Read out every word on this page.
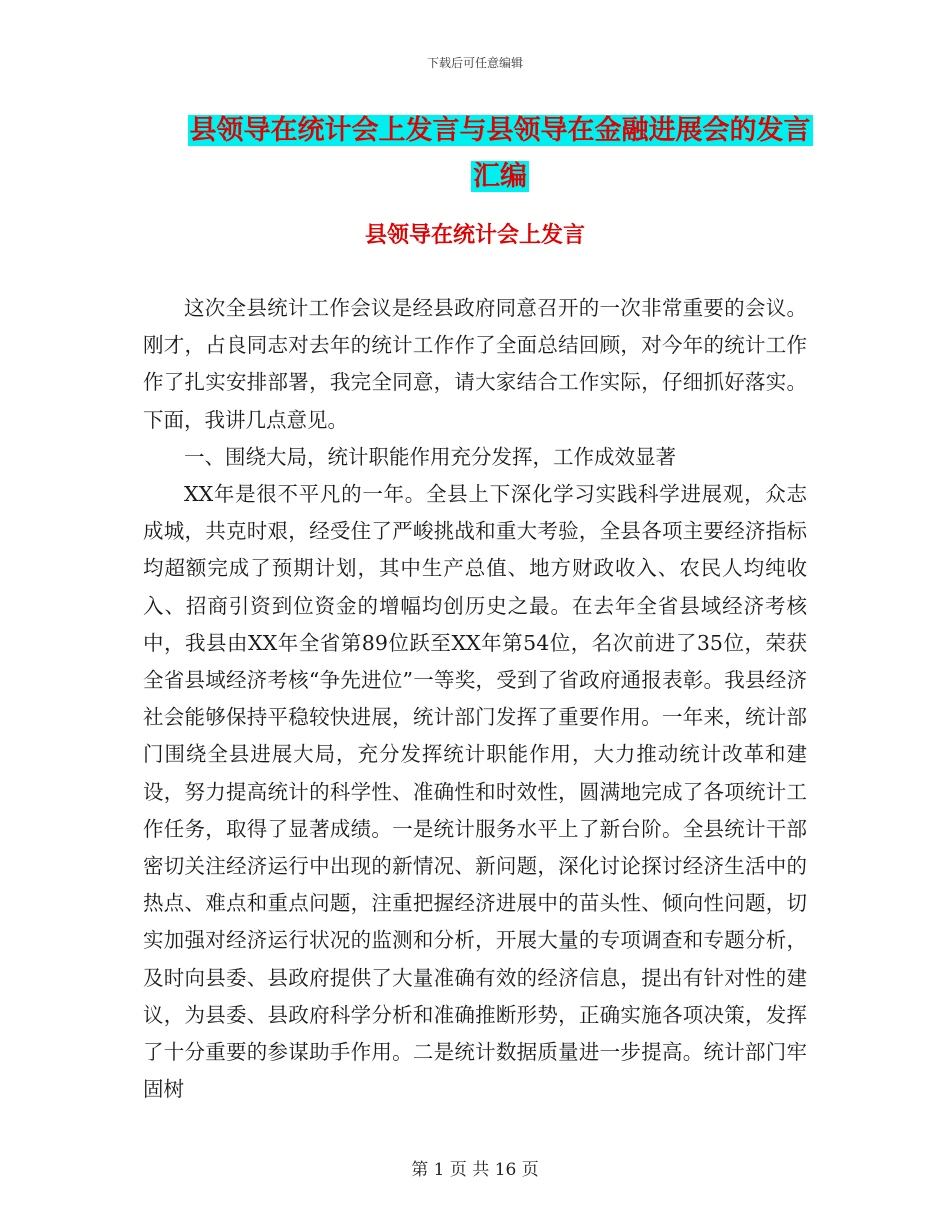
下载后可任意编辑
县领导在统计会上发言与县领导在金融进展会的发言
汇编
县领导在统计会上发言

这次全县统计工作会议是经县政府同意召开的一次非常重要的会议。刚才，占良同志对去年的统计工作作了全面总结回顾，对今年的统计工作作了扎实安排部署，我完全同意，请大家结合工作实际，仔细抓好落实。下面，我讲几点意见。

一、围绕大局，统计职能作用充分发挥，工作成效显著

XX年是很不平凡的一年。全县上下深化学习实践科学进展观，众志成城，共克时艰，经受住了严峻挑战和重大考验，全县各项主要经济指标均超额完成了预期计划，其中生产总值、地方财政收入、农民人均纯收入、招商引资到位资金的增幅均创历史之最。在去年全省县域经济考核中，我县由XX年全省第89位跃至XX年第54位，名次前进了35位，荣获全省县域经济考核“争先进位”一等奖，受到了省政府通报表彰。我县经济社会能够保持平稳较快进展，统计部门发挥了重要作用。一年来，统计部门围绕全县进展大局，充分发挥统计职能作用，大力推动统计改革和建设，努力提高统计的科学性、准确性和时效性，圆满地完成了各项统计工作任务，取得了显著成绩。一是统计服务水平上了新台阶。全县统计干部密切关注经济运行中出现的新情况、新问题，深化讨论探讨经济生活中的热点、难点和重点问题，注重把握经济进展中的苗头性、倾向性问题，切实加强对经济运行状况的监测和分析，开展大量的专项调查和专题分析，及时向县委、县政府提供了大量准确有效的经济信息，提出有针对性的建议，为县委、县政府科学分析和准确推断形势，正确实施各项决策，发挥了十分重要的参谋助手作用。二是统计数据质量进一步提高。统计部门牢固树

第 1 页 共 16 页
